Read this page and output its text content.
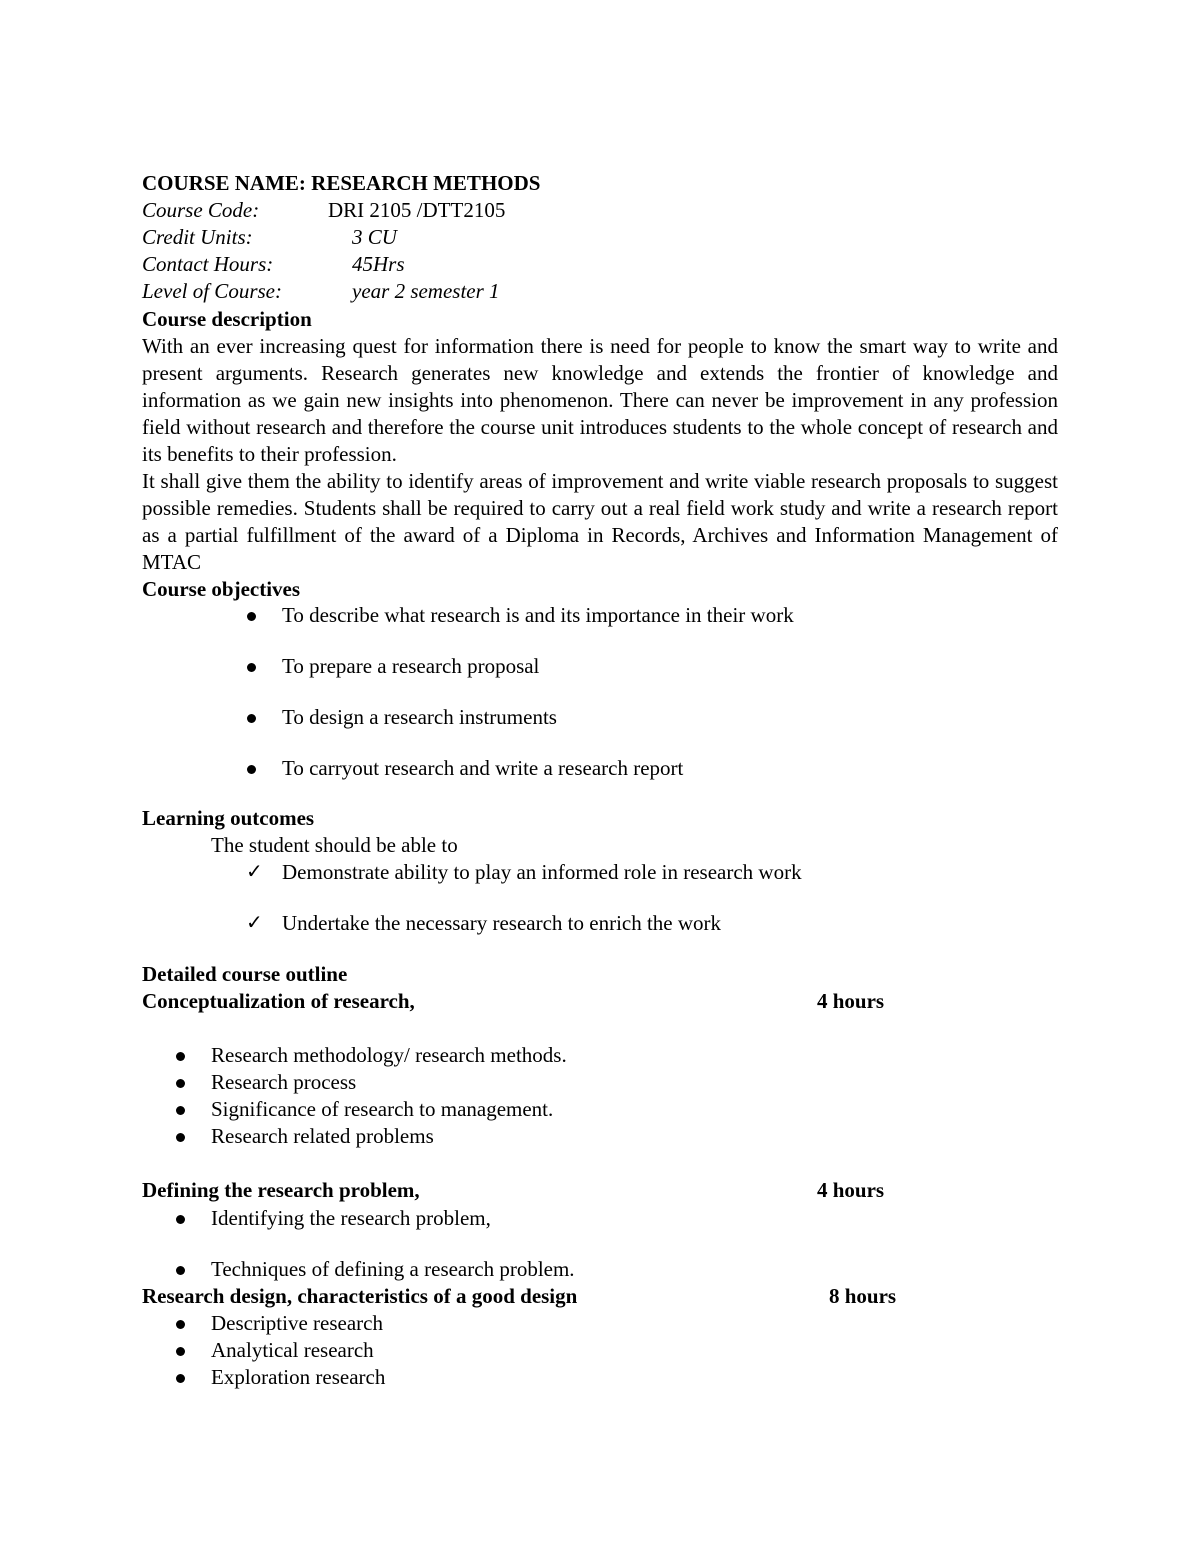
COURSE NAME: RESEARCH METHODS
Course Code:	DRI 2105 /DTT2105
Credit Units:	3 CU
Contact Hours:	45Hrs
Level of Course:	year 2 semester 1
Course description
With an ever increasing quest for information there is need for people to know the smart way to write and present arguments. Research generates new knowledge and extends the frontier of knowledge and information as we gain new insights into phenomenon. There can never be improvement in any profession field without research and therefore the course unit introduces students to the whole concept of research and its benefits to their profession.
It shall give them the ability to identify areas of improvement and write viable research proposals to suggest possible remedies. Students shall be required to carry out a real field work study and write a research report as a partial fulfillment of the award of a Diploma in Records, Archives and Information Management of MTAC
Course objectives
To describe what research is and its importance in their work
To prepare a research proposal
To design a research instruments
To carryout research and write a research report
Learning outcomes
The student should be able to
✓ Demonstrate ability to play an informed role in research work
✓ Undertake the necessary research to enrich the work
Detailed course outline
Conceptualization of research,	4 hours
Research methodology/ research methods.
Research process
Significance of research to management.
Research related problems
Defining the research problem,	4 hours
Identifying the research problem,
Techniques of defining a research problem.
Research design, characteristics of a good design	8 hours
Descriptive research
Analytical research
Exploration research
